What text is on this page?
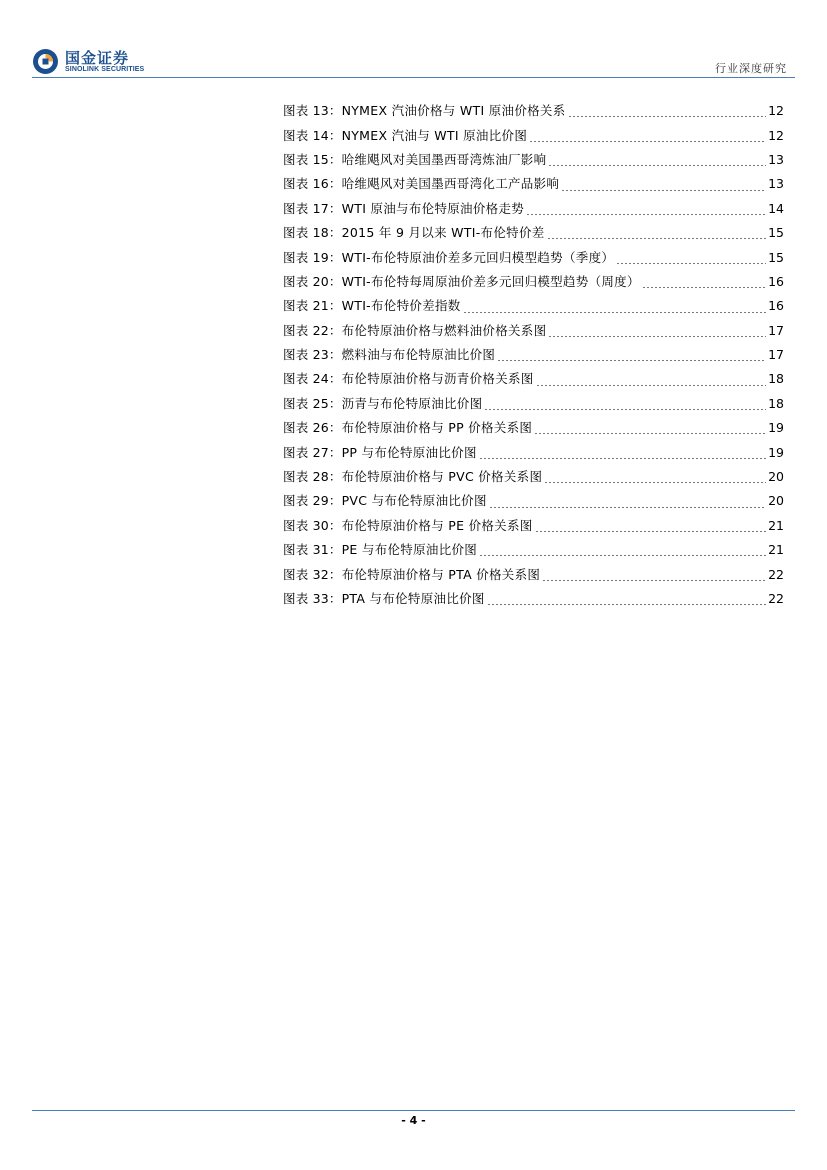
国金证券
SINOLINK SECURITIES	行业深度研究
图表 13： NYMEX 汽油价格与 WTI 原油价格关系	12
图表 14： NYMEX 汽油与 WTI 原油比价图	12
图表 15： 哈维飓风对美国墨西哥湾炼油厂影响	13
图表 16： 哈维飓风对美国墨西哥湾化工产品影响	13
图表 17： WTI 原油与布伦特原油价格走势	14
图表 18： 2015 年 9 月以来 WTI-布伦特价差	15
图表 19： WTI-布伦特原油价差多元回归模型趋势（季度）	15
图表 20： WTI-布伦特每周原油价差多元回归模型趋势（周度）	16
图表 21： WTI-布伦特价差指数	16
图表 22： 布伦特原油价格与燃料油价格关系图	17
图表 23： 燃料油与布伦特原油比价图	17
图表 24： 布伦特原油价格与沥青价格关系图	18
图表 25： 沥青与布伦特原油比价图	18
图表 26： 布伦特原油价格与 PP 价格关系图	19
图表 27： PP 与布伦特原油比价图	19
图表 28： 布伦特原油价格与 PVC 价格关系图	20
图表 29： PVC 与布伦特原油比价图	20
图表 30： 布伦特原油价格与 PE 价格关系图	21
图表 31： PE 与布伦特原油比价图	21
图表 32： 布伦特原油价格与 PTA 价格关系图	22
图表 33： PTA 与布伦特原油比价图	22
- 4 -
